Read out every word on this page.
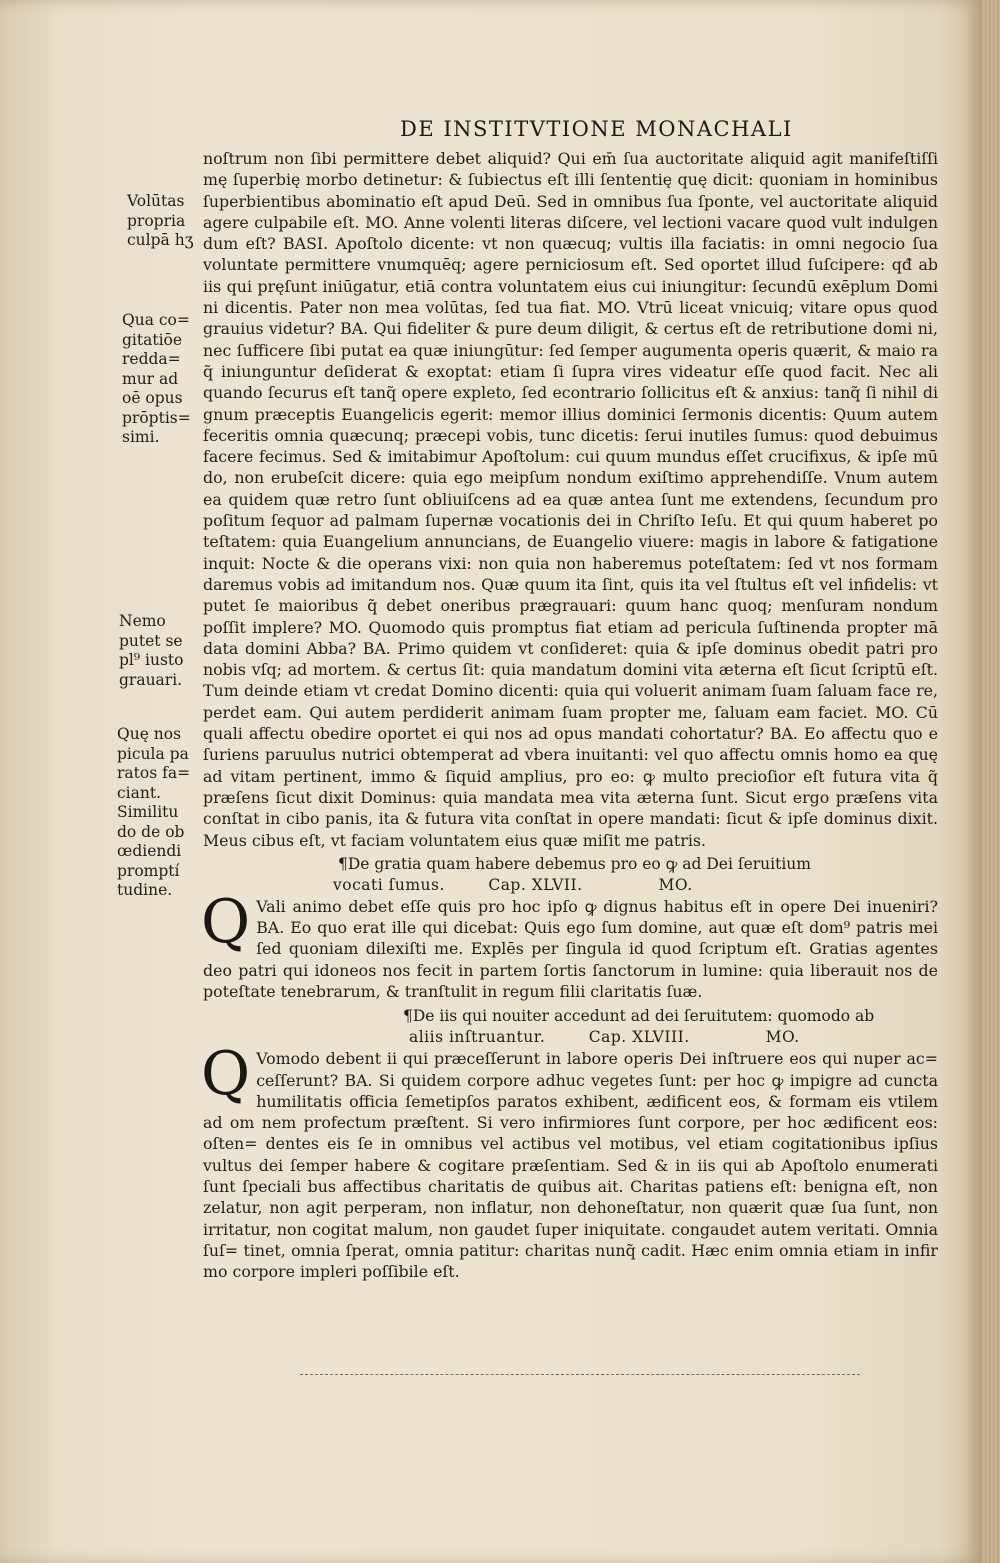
DE INSTITVTIONE MONACHALI
Volūtas
propria
culpā hʒ
Qua co=
gitatiōe
redda=
mur ad
oē opus
prōptis=
simi.
Nemo
putet se
pl⁹ iusto
grauari.
Quę nos
picula pa
ratos fa=
ciant.
Similitu
do de ob
œdiendi
promptí
tudine.

noſtrum non ſibi permittere debet aliquid? Qui em̄ ſua auctoritate aliquid agit manifeſtiſſi mę ſuperbię morbo detinetur: & ſubiectus eſt illi ſententię quę dicit: quoniam in hominibus ſuperbientibus abominatio eſt apud Deū. Sed in omnibus ſua ſponte, vel auctoritate aliquid agere culpabile eſt. MO. Anne volenti literas diſcere, vel lectioni vacare quod vult indulgen dum eſt? BASI. Apoſtolo dicente: vt non quæcuq; vultis illa faciatis: in omni negocio ſua voluntate permittere vnumquēq; agere perniciosum eſt. Sed oportet illud ſuſcipere: qđ ab iis qui pręſunt iniūgatur, etiā contra voluntatem eius cui iniungitur: ſecundū exēplum Domi ni dicentis. Pater non mea volūtas, ſed tua fiat. MO. Vtrū liceat vnicuiq; vitare opus quod grauius videtur? BA. Qui fideliter & pure deum diligit, & certus eſt de retributione domi ni, nec ſufficere ſibi putat ea quæ iniungūtur: ſed ſemper augumenta operis quærit, & maio ra q̃ iniunguntur deſiderat & exoptat: etiam ſi ſupra vires videatur eſſe quod facit. Nec ali quando ſecurus eſt tanq̃ opere expleto, ſed econtrario ſollicitus eſt & anxius: tanq̃ ſi nihil di gnum præceptis Euangelicis egerit: memor illius dominici ſermonis dicentis: Quum autem feceritis omnia quæcunq; præcepi vobis, tunc dicetis: ſerui inutiles ſumus: quod debuimus facere fecimus. Sed & imitabimur Apoſtolum: cui quum mundus eſſet crucifixus, & ipſe mū do, non erubeſcit dicere: quia ego meipſum nondum exiſtimo apprehendiſſe. Vnum autem ea quidem quæ retro ſunt obliuiſcens ad ea quæ antea ſunt me extendens, ſecundum pro poſitum ſequor ad palmam ſupernæ vocationis dei in Chriſto Ieſu. Et qui quum haberet po teſtatem: quia Euangelium annuncians, de Euangelio viuere: magis in labore & fatigatione inquit: Nocte & die operans vixi: non quia non haberemus poteſtatem: ſed vt nos formam daremus vobis ad imitandum nos. Quæ quum ita ſint, quis ita vel ſtultus eſt vel infidelis: vt putet ſe maioribus q̃ debet oneribus prægrauari: quum hanc quoq; menſuram nondum poſſit implere? MO. Quomodo quis promptus fiat etiam ad pericula ſuſtinenda propter mā data domini Abba? BA. Primo quidem vt conſideret: quia & ipſe dominus obedit patri pro nobis vſq; ad mortem. & certus ſit: quia mandatum domini vita æterna eſt ſicut ſcriptū eſt. Tum deinde etiam vt credat Domino dicenti: quia qui voluerit animam ſuam ſaluam face re, perdet eam. Qui autem perdiderit animam ſuam propter me, ſaluam eam faciet. MO. Cū quali affectu obedire oportet ei qui nos ad opus mandati cohortatur? BA. Eo affectu quo e ſuriens paruulus nutrici obtemperat ad vbera inuitanti: vel quo affectu omnis homo ea quę ad vitam pertinent, immo & ſiquid amplius, pro eo: ꝙ multo precioſior eſt futura vita q̃ præſens ſicut dixit Dominus: quia mandata mea vita æterna ſunt. Sicut ergo præſens vita conſtat in cibo panis, ita & futura vita conſtat in opere mandati: ſicut & ipſe dominus dixit. Meus cibus eſt, vt faciam voluntatem eius quæ miſit me patris.

¶De gratia quam habere debemus pro eo ꝙ ad Dei ſeruitium
vocati ſumus.	Cap. XLVII.	MO.

Q Vali animo debet eſſe quis pro hoc ipſo ꝙ dignus habitus eſt in opere Dei inueniri? BA. Eo quo erat ille qui dicebat: Quis ego ſum domine, aut quæ eſt dom⁹ patris mei ſed quoniam dilexiſti me. Explēs per ſingula id quod ſcriptum eſt. Gratias agentes deo patri qui idoneos nos fecit in partem ſortis ſanctorum in lumine: quia liberauit nos de poteſtate tenebrarum, & tranſtulit in regum filii claritatis ſuæ.

¶De iis qui nouiter accedunt ad dei ſeruitutem: quomodo ab
aliis inſtruantur.	Cap. XLVIII.	MO.

Q Vomodo debent ii qui præceſſerunt in labore operis Dei inſtruere eos qui nuper ac= ceſſerunt? BA. Si quidem corpore adhuc vegetes ſunt: per hoc ꝙ impigre ad cuncta humilitatis officia ſemetipſos paratos exhibent, ædificent eos, & formam eis vtilem ad om nem profectum præſtent. Si vero infirmiores ſunt corpore, per hoc ædificent eos: oſten= dentes eis ſe in omnibus vel actibus vel motibus, vel etiam cogitationibus ipſius vultus dei ſemper habere & cogitare præſentiam. Sed & in iis qui ab Apoſtolo enumerati ſunt ſpeciali bus affectibus charitatis de quibus ait. Charitas patiens eſt: benigna eſt, non zelatur, non agit perperam, non inflatur, non dehoneſtatur, non quærit quæ ſua ſunt, non irritatur, non cogitat malum, non gaudet ſuper iniquitate. congaudet autem veritati. Omnia ſuſ= tinet, omnia ſperat, omnia patitur: charitas nunq̃ cadit. Hæc enim omnia etiam in infir mo corpore impleri poſſibile eſt.
